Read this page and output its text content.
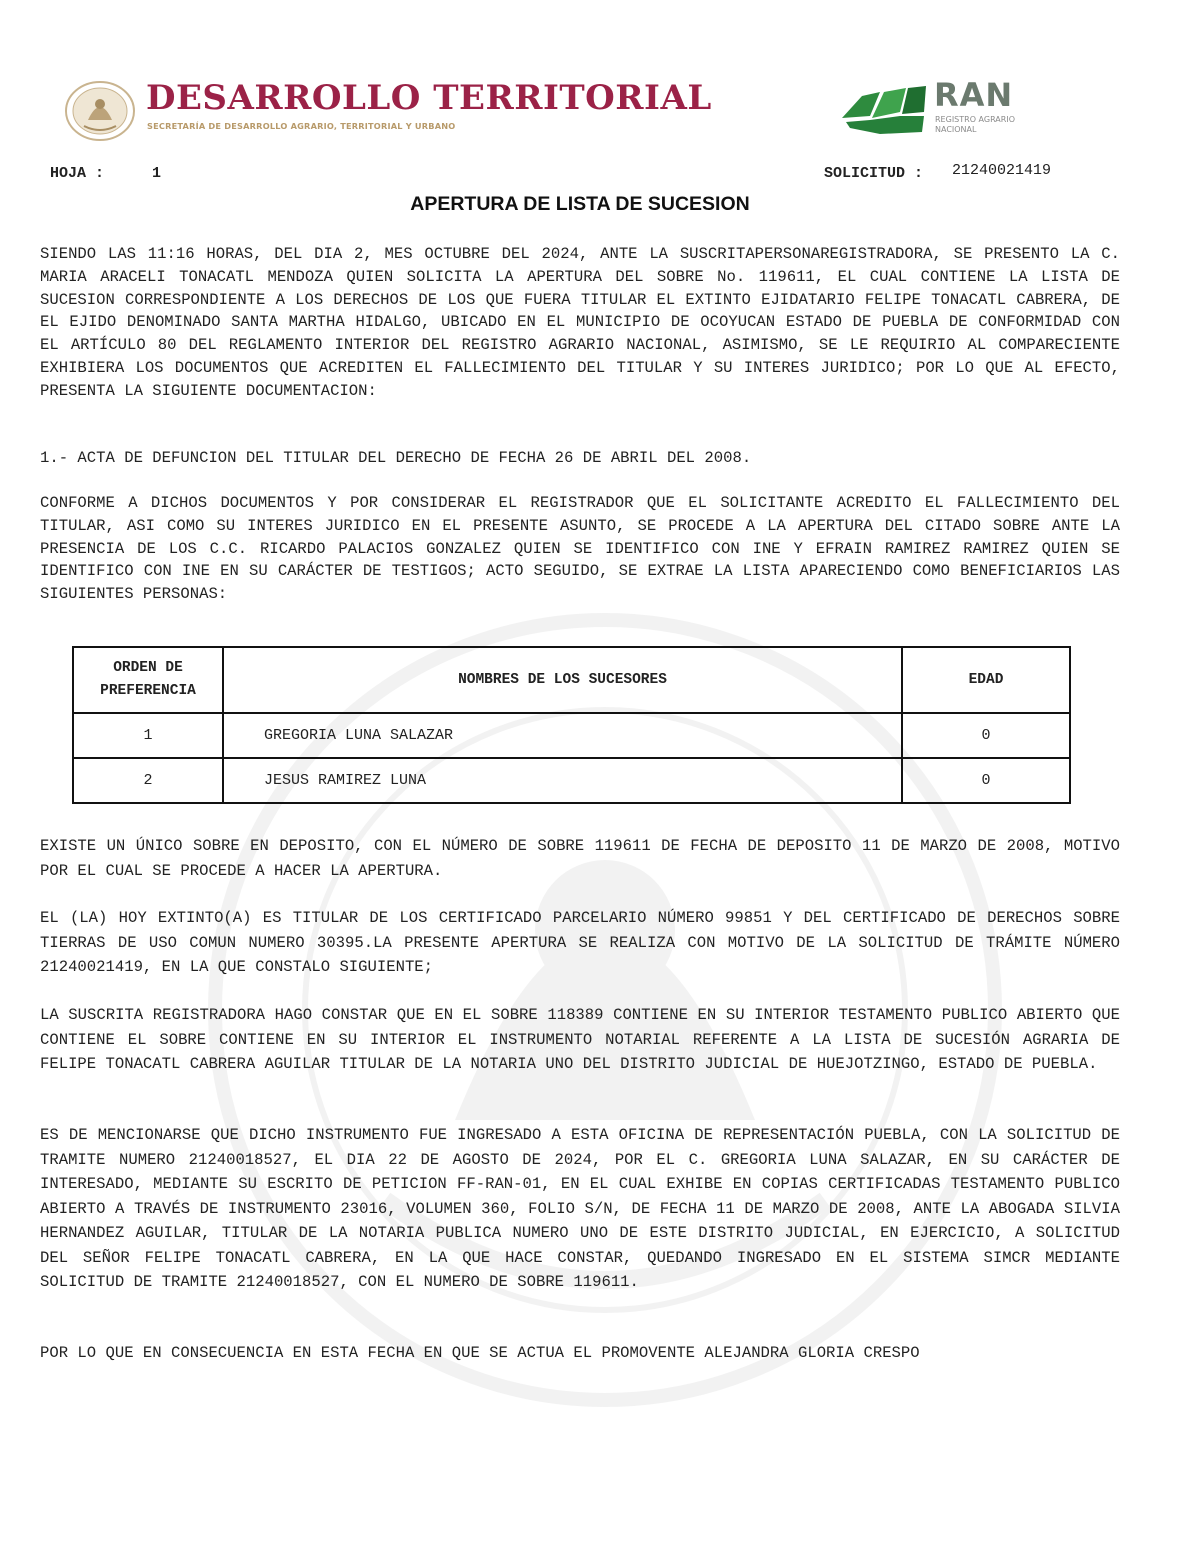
DESARROLLO TERRITORIAL
SECRETARÍA DE DESARROLLO AGRARIO, TERRITORIAL Y URBANO
RAN
REGISTRO AGRARIO
NACIONAL
HOJA :	1	SOLICITUD : 21240021419
APERTURA DE LISTA DE SUCESION

SIENDO LAS 11:16 HORAS, DEL DIA 2, MES OCTUBRE DEL 2024, ANTE LA SUSCRITAPERSONAREGISTRADORA, SE PRESENTO LA C. MARIA ARACELI TONACATL MENDOZA QUIEN SOLICITA LA APERTURA DEL SOBRE No. 119611, EL CUAL CONTIENE LA LISTA DE SUCESION CORRESPONDIENTE A LOS DERECHOS DE LOS QUE FUERA TITULAR EL EXTINTO EJIDATARIO FELIPE TONACATL CABRERA, DE EL EJIDO DENOMINADO SANTA MARTHA HIDALGO, UBICADO EN EL MUNICIPIO DE OCOYUCAN ESTADO DE PUEBLA DE CONFORMIDAD CON EL ARTÍCULO 80 DEL REGLAMENTO INTERIOR DEL REGISTRO AGRARIO NACIONAL, ASIMISMO, SE LE REQUIRIO AL COMPARECIENTE EXHIBIERA LOS DOCUMENTOS QUE ACREDITEN EL FALLECIMIENTO DEL TITULAR Y SU INTERES JURIDICO; POR LO QUE AL EFECTO, PRESENTA LA SIGUIENTE DOCUMENTACION:

1.- ACTA DE DEFUNCION DEL TITULAR DEL DERECHO DE FECHA 26 DE ABRIL DEL 2008.

CONFORME A DICHOS DOCUMENTOS Y POR CONSIDERAR EL REGISTRADOR QUE EL SOLICITANTE ACREDITO EL FALLECIMIENTO DEL TITULAR, ASI COMO SU INTERES JURIDICO EN EL PRESENTE ASUNTO, SE PROCEDE A LA APERTURA DEL CITADO SOBRE ANTE LA PRESENCIA DE LOS C.C. RICARDO PALACIOS GONZALEZ QUIEN SE IDENTIFICO CON INE Y EFRAIN RAMIREZ RAMIREZ QUIEN SE IDENTIFICO CON INE EN SU CARÁCTER DE TESTIGOS; ACTO SEGUIDO, SE EXTRAE LA LISTA APARECIENDO COMO BENEFICIARIOS LAS SIGUIENTES PERSONAS:

ORDEN DE
PREFERENCIA	NOMBRES DE LOS SUCESORES	EDAD
1	GREGORIA LUNA SALAZAR	0
2	JESUS RAMIREZ LUNA	0

EXISTE UN ÚNICO SOBRE EN DEPOSITO, CON EL NÚMERO DE SOBRE 119611 DE FECHA DE DEPOSITO 11 DE MARZO DE 2008, MOTIVO POR EL CUAL SE PROCEDE A HACER LA APERTURA.

EL (LA) HOY EXTINTO(A) ES TITULAR DE LOS CERTIFICADO PARCELARIO NÚMERO 99851 Y DEL CERTIFICADO DE DERECHOS SOBRE TIERRAS DE USO COMUN NUMERO 30395.LA PRESENTE APERTURA SE REALIZA CON MOTIVO DE LA SOLICITUD DE TRÁMITE NÚMERO 21240021419, EN LA QUE CONSTALO SIGUIENTE;

LA SUSCRITA REGISTRADORA HAGO CONSTAR QUE EN EL SOBRE 118389 CONTIENE EN SU INTERIOR TESTAMENTO PUBLICO ABIERTO QUE CONTIENE EL SOBRE CONTIENE EN SU INTERIOR EL INSTRUMENTO NOTARIAL REFERENTE A LA LISTA DE SUCESIÓN AGRARIA DE FELIPE TONACATL CABRERA AGUILAR TITULAR DE LA NOTARIA UNO DEL DISTRITO JUDICIAL DE HUEJOTZINGO, ESTADO DE PUEBLA.

ES DE MENCIONARSE QUE DICHO INSTRUMENTO FUE INGRESADO A ESTA OFICINA DE REPRESENTACIÓN PUEBLA, CON LA SOLICITUD DE TRAMITE NUMERO 21240018527, EL DIA 22 DE AGOSTO DE 2024, POR EL C. GREGORIA LUNA SALAZAR, EN SU CARÁCTER DE INTERESADO, MEDIANTE SU ESCRITO DE PETICION FF-RAN-01, EN EL CUAL EXHIBE EN COPIAS CERTIFICADAS TESTAMENTO PUBLICO ABIERTO A TRAVÉS DE INSTRUMENTO 23016, VOLUMEN 360, FOLIO S/N, DE FECHA 11 DE MARZO DE 2008, ANTE LA ABOGADA SILVIA HERNANDEZ AGUILAR, TITULAR DE LA NOTARIA PUBLICA NUMERO UNO DE ESTE DISTRITO JUDICIAL, EN EJERCICIO, A SOLICITUD DEL SEÑOR FELIPE TONACATL CABRERA, EN LA QUE HACE CONSTAR, QUEDANDO INGRESADO EN EL SISTEMA SIMCR MEDIANTE SOLICITUD DE TRAMITE 21240018527, CON EL NUMERO DE SOBRE 119611.

POR LO QUE EN CONSECUENCIA EN ESTA FECHA EN QUE SE ACTUA EL PROMOVENTE ALEJANDRA GLORIA CRESPO
